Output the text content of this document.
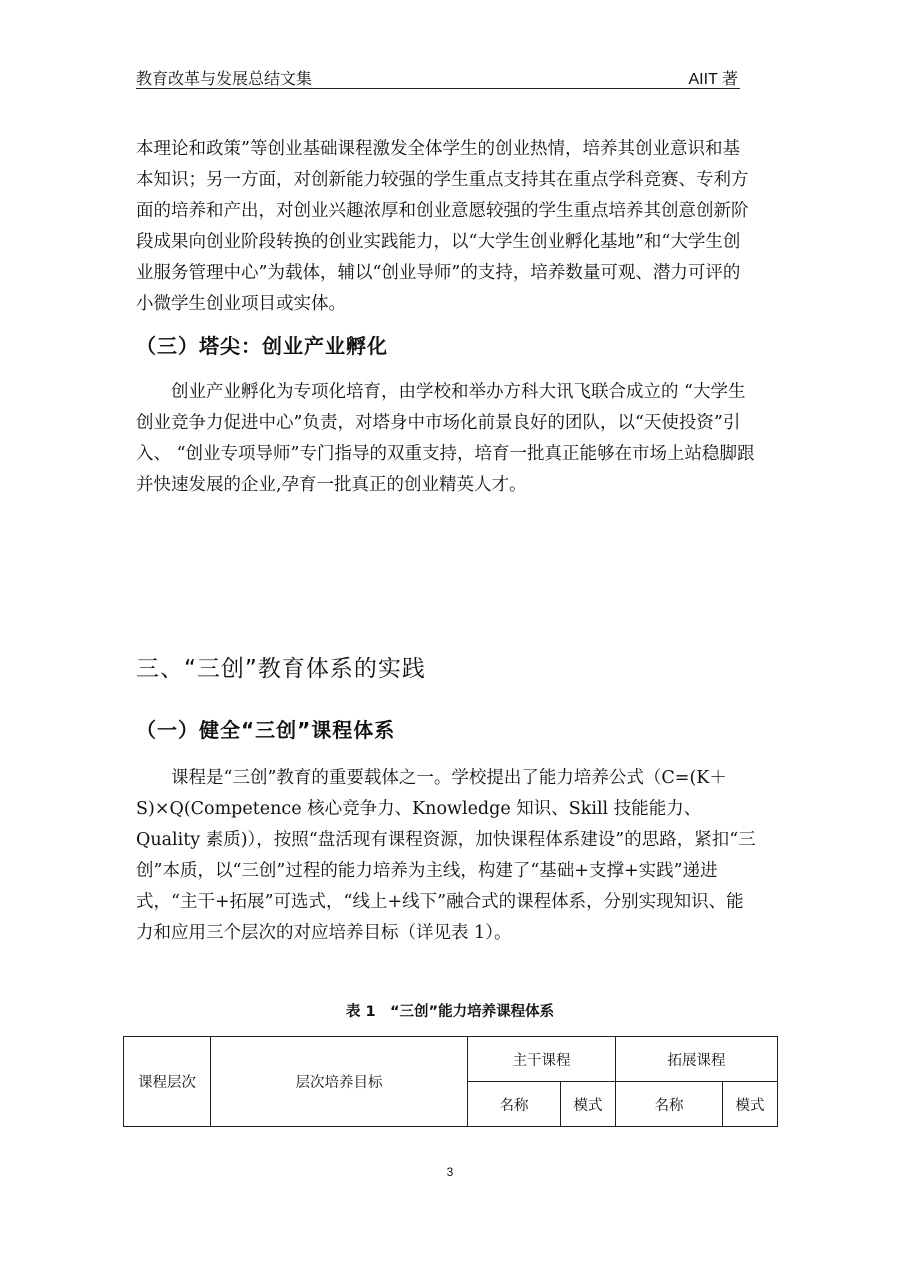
教育改革与发展总结文集	AIIT 著

本理论和政策”等创业基础课程激发全体学生的创业热情，培养其创业意识和基本知识；另一方面，对创新能力较强的学生重点支持其在重点学科竞赛、专利方面的培养和产出，对创业兴趣浓厚和创业意愿较强的学生重点培养其创意创新阶段成果向创业阶段转换的创业实践能力，以“大学生创业孵化基地”和“大学生创业服务管理中心”为载体，辅以“创业导师”的支持，培养数量可观、潜力可评的小微学生创业项目或实体。

（三）塔尖：创业产业孵化

创业产业孵化为专项化培育，由学校和举办方科大讯飞联合成立的 “大学生创业竞争力促进中心”负责，对塔身中市场化前景良好的团队，以“天使投资”引入、 “创业专项导师”专门指导的双重支持，培育一批真正能够在市场上站稳脚跟并快速发展的企业,孕育一批真正的创业精英人才。

三、“三创”教育体系的实践
（一）健全“三创”课程体系

课程是“三创”教育的重要载体之一。学校提出了能力培养公式（C=(K＋S)×Q(Competence 核心竞争力、Knowledge 知识、Skill 技能能力、Quality 素质)），按照“盘活现有课程资源，加快课程体系建设”的思路，紧扣“三创”本质，以“三创”过程的能力培养为主线，构建了“基础+支撑+实践”递进式，“主干+拓展”可选式，“线上+线下”融合式的课程体系，分别实现知识、能力和应用三个层次的对应培养目标（详见表 1）。

表 1　“三创”能力培养课程体系
课程层次	层次培养目标	主干课程		拓展课程	
		名称	模式	名称	模式
3
